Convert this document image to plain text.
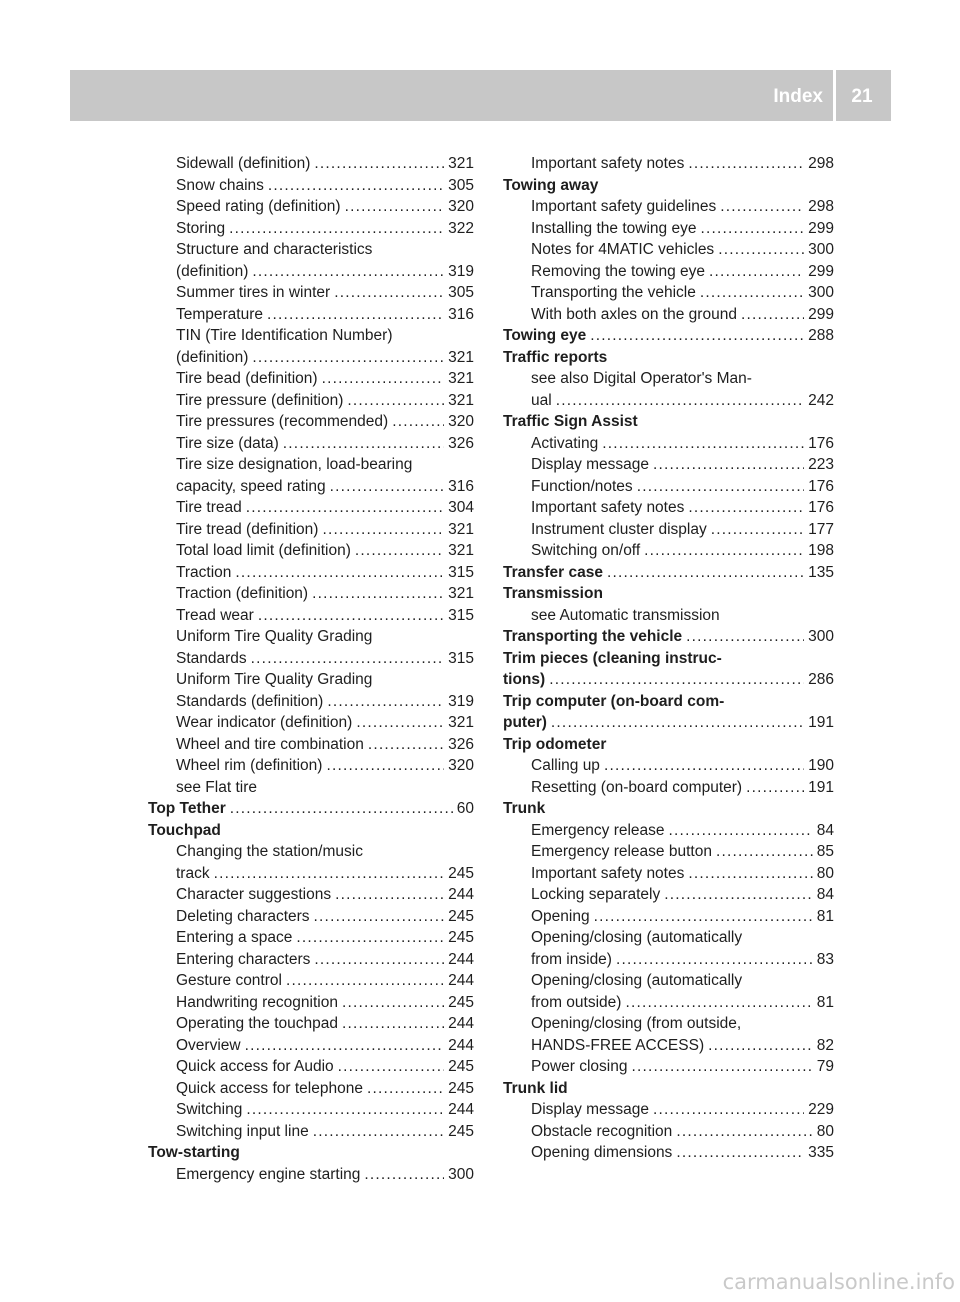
Index	21
Sidewall (definition) .....	321
Snow chains .....	305
Speed rating (definition) .....	320
Storing .....	322
Structure and characteristics
(definition) .....	319
Summer tires in winter .....	305
Temperature .....	316
TIN (Tire Identification Number)
(definition) .....	321
Tire bead (definition) .....	321
Tire pressure (definition) .....	321
Tire pressures (recommended) .....	320
Tire size (data) .....	326
Tire size designation, load-bearing
capacity, speed rating .....	316
Tire tread .....	304
Tire tread (definition) .....	321
Total load limit (definition) .....	321
Traction .....	315
Traction (definition) .....	321
Tread wear .....	315
Uniform Tire Quality Grading
Standards .....	315
Uniform Tire Quality Grading
Standards (definition) .....	319
Wear indicator (definition) .....	321
Wheel and tire combination .....	326
Wheel rim (definition) .....	320
see Flat tire
Top Tether .....	60
Touchpad
Changing the station/music
track .....	245
Character suggestions .....	244
Deleting characters .....	245
Entering a space .....	245
Entering characters .....	244
Gesture control .....	244
Handwriting recognition .....	245
Operating the touchpad .....	244
Overview .....	244
Quick access for Audio .....	245
Quick access for telephone .....	245
Switching .....	244
Switching input line .....	245
Tow-starting
Emergency engine starting .....	300
Important safety notes .....	298
Towing away
Important safety guidelines .....	298
Installing the towing eye .....	299
Notes for 4MATIC vehicles .....	300
Removing the towing eye .....	299
Transporting the vehicle .....	300
With both axles on the ground .....	299
Towing eye .....	288
Traffic reports
see also Digital Operator's Man-
ual .....	242
Traffic Sign Assist
Activating .....	176
Display message .....	223
Function/notes .....	176
Important safety notes .....	176
Instrument cluster display .....	177
Switching on/off .....	198
Transfer case .....	135
Transmission
see Automatic transmission
Transporting the vehicle .....	300
Trim pieces (cleaning instruc-
tions) .....	286
Trip computer (on-board com-
puter) .....	191
Trip odometer
Calling up .....	190
Resetting (on-board computer) .....	191
Trunk
Emergency release .....	84
Emergency release button .....	85
Important safety notes .....	80
Locking separately .....	84
Opening .....	81
Opening/closing (automatically
from inside) .....	83
Opening/closing (automatically
from outside) .....	81
Opening/closing (from outside,
HANDS-FREE ACCESS) .....	82
Power closing .....	79
Trunk lid
Display message .....	229
Obstacle recognition .....	80
Opening dimensions .....	335
carmanualsonline.info
